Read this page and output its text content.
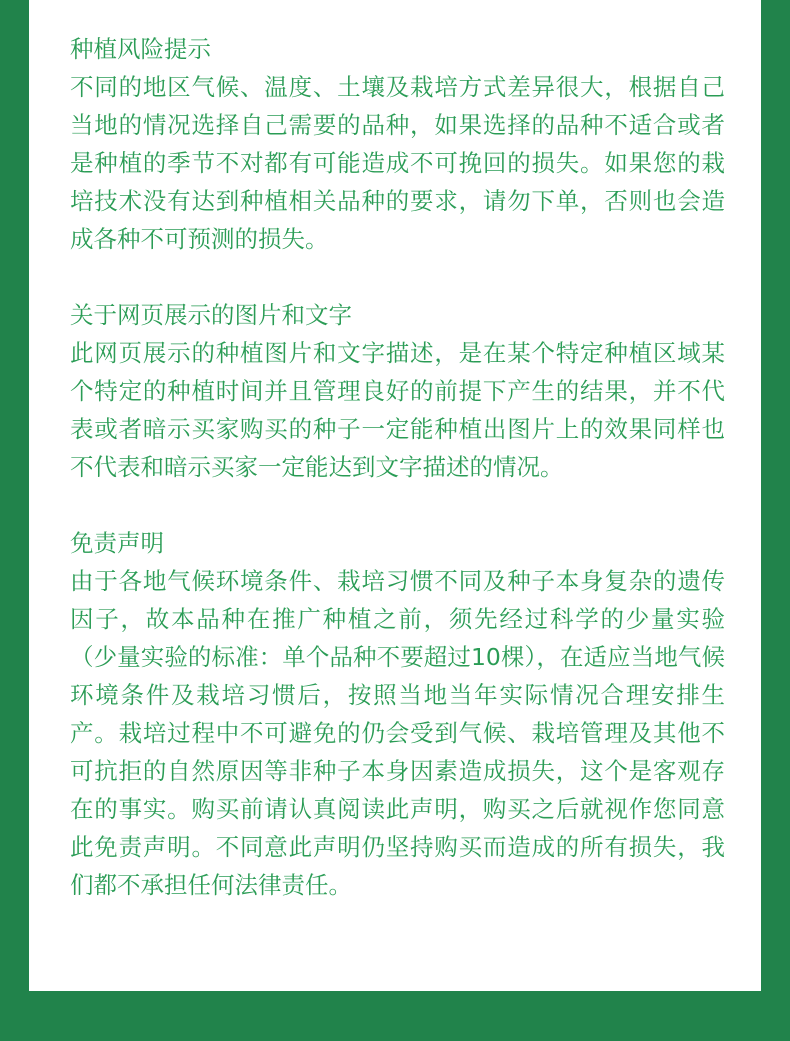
种植风险提示

不同的地区气候、温度、土壤及栽培方式差异很大，根据自己当地的情况选择自己需要的品种，如果选择的品种不适合或者是种植的季节不对都有可能造成不可挽回的损失。如果您的栽培技术没有达到种植相关品种的要求，请勿下单，否则也会造成各种不可预测的损失。

关于网页展示的图片和文字

此网页展示的种植图片和文字描述，是在某个特定种植区域某个特定的种植时间并且管理良好的前提下产生的结果，并不代表或者暗示买家购买的种子一定能种植出图片上的效果同样也不代表和暗示买家一定能达到文字描述的情况。

免责声明

由于各地气候环境条件、栽培习惯不同及种子本身复杂的遗传因子，故本品种在推广种植之前，须先经过科学的少量实验（少量实验的标准：单个品种不要超过10棵），在适应当地气候环境条件及栽培习惯后，按照当地当年实际情况合理安排生产。栽培过程中不可避免的仍会受到气候、栽培管理及其他不可抗拒的自然原因等非种子本身因素造成损失，这个是客观存在的事实。购买前请认真阅读此声明，购买之后就视作您同意此免责声明。不同意此声明仍坚持购买而造成的所有损失，我们都不承担任何法律责任。
